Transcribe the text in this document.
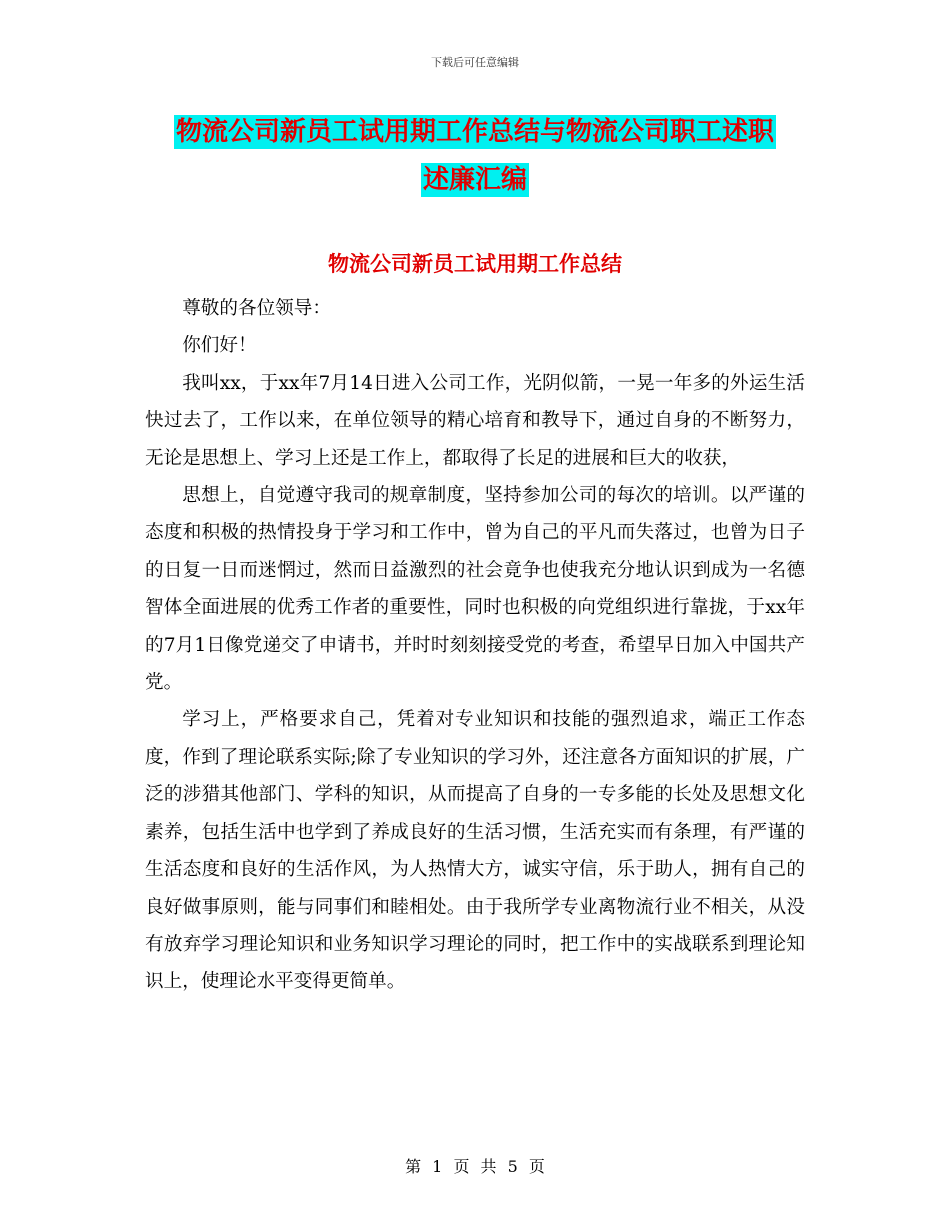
下载后可任意编辑
物流公司新员工试用期工作总结与物流公司职工述职
述廉汇编
物流公司新员工试用期工作总结

尊敬的各位领导：

你们好！

我叫xx，于xx年7月14日进入公司工作，光阴似箭，一晃一年多的外运生活快过去了，工作以来，在单位领导的精心培育和教导下，通过自身的不断努力，无论是思想上、学习上还是工作上，都取得了长足的进展和巨大的收获，

思想上，自觉遵守我司的规章制度，坚持参加公司的每次的培训。以严谨的态度和积极的热情投身于学习和工作中，曾为自己的平凡而失落过，也曾为日子的日复一日而迷惘过，然而日益激烈的社会竟争也使我充分地认识到成为一名德智体全面进展的优秀工作者的重要性，同时也积极的向党组织进行靠拢，于xx年的7月1日像党递交了申请书，并时时刻刻接受党的考查，希望早日加入中国共产党。

学习上，严格要求自己，凭着对专业知识和技能的强烈追求，端正工作态度，作到了理论联系实际;除了专业知识的学习外，还注意各方面知识的扩展，广泛的涉猎其他部门、学科的知识，从而提高了自身的一专多能的长处及思想文化素养，包括生活中也学到了养成良好的生活习惯，生活充实而有条理，有严谨的生活态度和良好的生活作风，为人热情大方，诚实守信，乐于助人，拥有自己的良好做事原则，能与同事们和睦相处。由于我所学专业离物流行业不相关，从没有放弃学习理论知识和业务知识学习理论的同时，把工作中的实战联系到理论知识上，使理论水平变得更简单。

第 1 页 共 5 页
